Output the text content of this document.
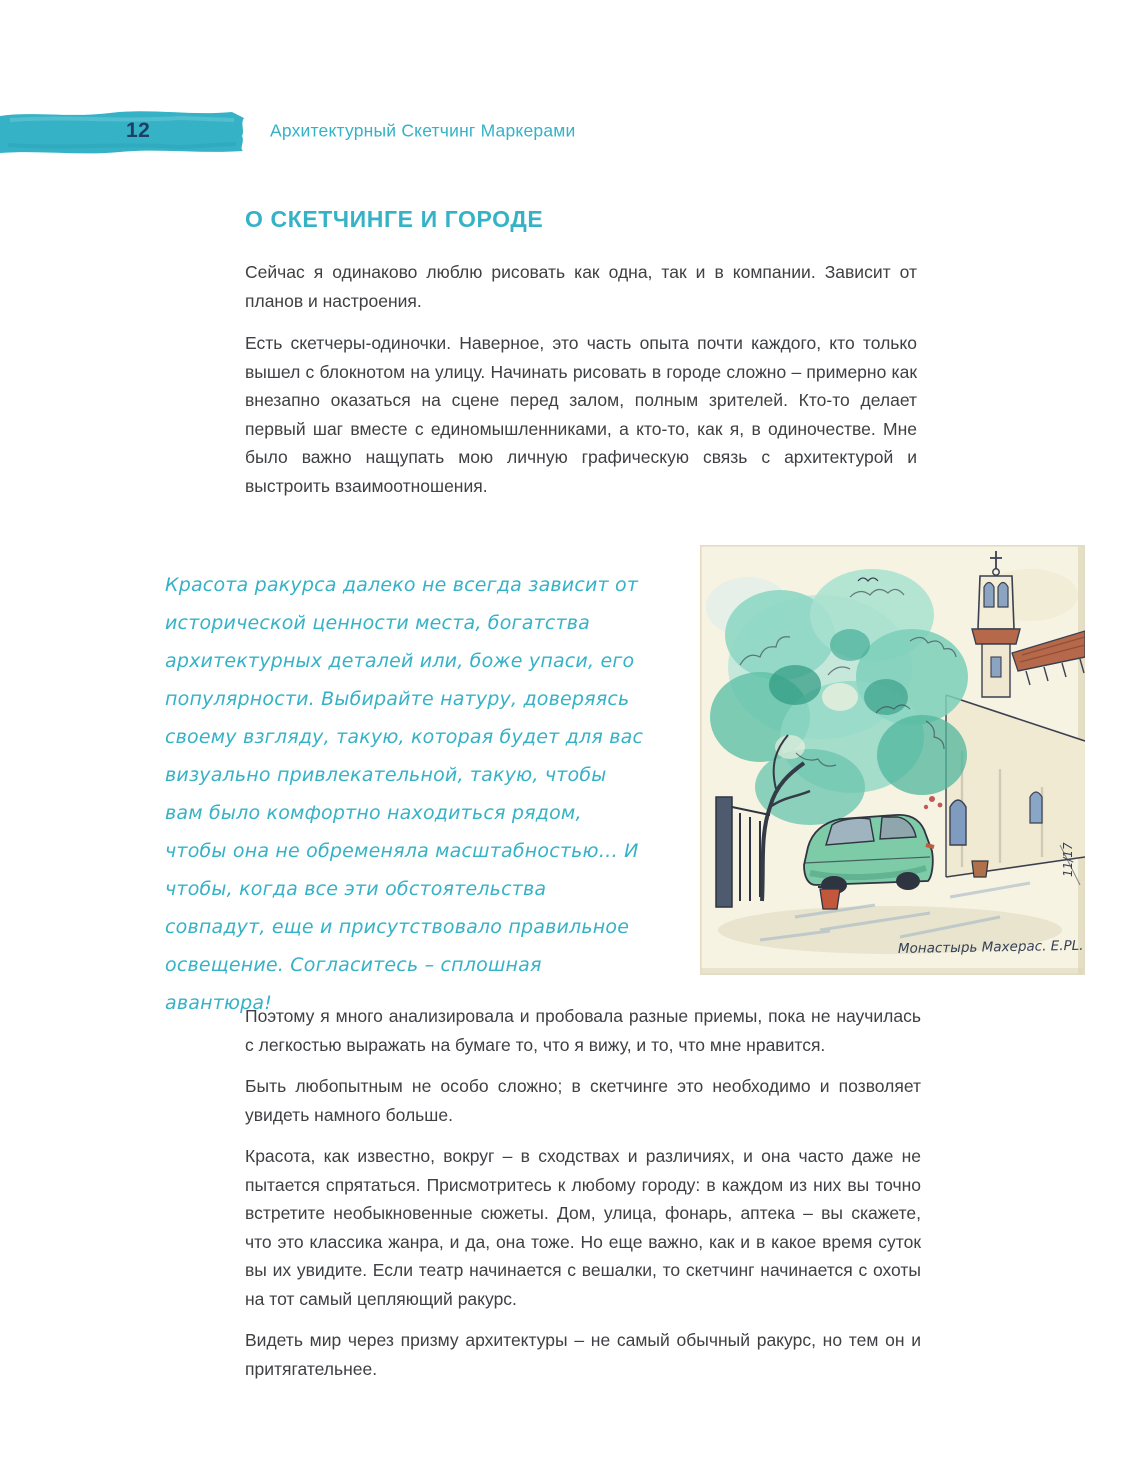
12	Архитектурный Скетчинг Маркерами
О СКЕТЧИНГЕ И ГОРОДЕ

Сейчас я одинаково люблю рисовать как одна, так и в компании. Зависит от планов и настроения.

Есть скетчеры-одиночки. Наверное, это часть опыта почти каждого, кто только вышел с блокнотом на улицу. Начинать рисовать в городе сложно – примерно как внезапно оказаться на сцене перед залом, полным зрителей. Кто-то делает первый шаг вместе с единомышленниками, а кто-то, как я, в одиночестве. Мне было важно нащупать мою личную графическую связь с архитектурой и выстроить взаимоотношения.

Красота ракурса далеко не всегда зависит от исторической ценности места, богатства архитектурных деталей или, боже упаси, его популярности. Выбирайте натуру, доверяясь своему взгляду, такую, которая будет для вас визуально привлекательной, такую, чтобы вам было комфортно находиться рядом, чтобы она не обременяла масштабностью… И чтобы, когда все эти обстоятельства совпадут, еще и присутствовало правильное освещение. Согласитесь – сплошная авантюра!
Монастырь Махерас. E.PL.
11/17

Поэтому я много анализировала и пробовала разные приемы, пока не научилась с легкостью выражать на бумаге то, что я вижу, и то, что мне нравится.

Быть любопытным не особо сложно; в скетчинге это необходимо и позволяет увидеть намного больше.

Красота, как известно, вокруг – в сходствах и различиях, и она часто даже не пытается спрятаться. Присмотритесь к любому городу: в каждом из них вы точно встретите необыкновенные сюжеты. Дом, улица, фонарь, аптека – вы скажете, что это классика жанра, и да, она тоже. Но еще важно, как и в какое время суток вы их увидите. Если театр начинается с вешалки, то скетчинг начинается с охоты на тот самый цепляющий ракурс.

Видеть мир через призму архитектуры – не самый обычный ракурс, но тем он и притягательнее.
